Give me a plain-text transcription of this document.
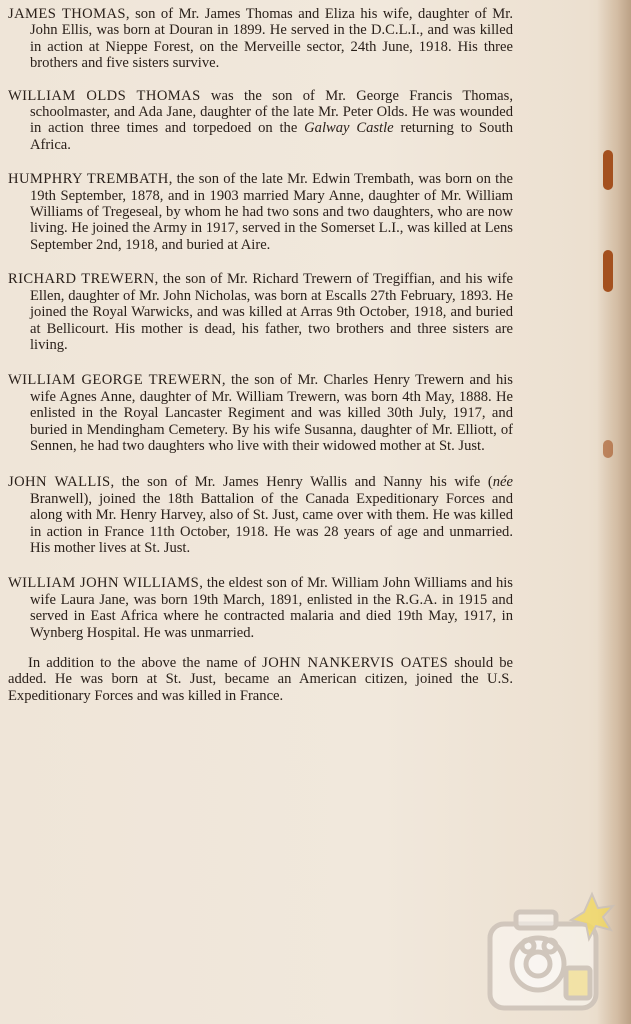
JAMES THOMAS, son of Mr. James Thomas and Eliza his wife, daughter of Mr. John Ellis, was born at Douran in 1899. He served in the D.C.L.I., and was killed in action at Nieppe Forest, on the Merveille sector, 24th June, 1918. His three brothers and five sisters survive.

WILLIAM OLDS THOMAS was the son of Mr. George Francis Thomas, schoolmaster, and Ada Jane, daughter of the late Mr. Peter Olds. He was wounded in action three times and torpedoed on the Galway Castle returning to South Africa.

HUMPHRY TREMBATH, the son of the late Mr. Edwin Trembath, was born on the 19th September, 1878, and in 1903 married Mary Anne, daughter of Mr. William Williams of Tregeseal, by whom he had two sons and two daughters, who are now living. He joined the Army in 1917, served in the Somerset L.I., was killed at Lens September 2nd, 1918, and buried at Aire.

RICHARD TREWERN, the son of Mr. Richard Trewern of Tregiffian, and his wife Ellen, daughter of Mr. John Nicholas, was born at Escalls 27th February, 1893. He joined the Royal Warwicks, and was killed at Arras 9th October, 1918, and buried at Bellicourt. His mother is dead, his father, two brothers and three sisters are living.

WILLIAM GEORGE TREWERN, the son of Mr. Charles Henry Trewern and his wife Agnes Anne, daughter of Mr. William Trewern, was born 4th May, 1888. He enlisted in the Royal Lancaster Regiment and was killed 30th July, 1917, and buried in Mendingham Cemetery. By his wife Susanna, daughter of Mr. Elliott, of Sennen, he had two daughters who live with their widowed mother at St. Just.

JOHN WALLIS, the son of Mr. James Henry Wallis and Nanny his wife (née Branwell), joined the 18th Battalion of the Canada Expeditionary Forces and along with Mr. Henry Harvey, also of St. Just, came over with them. He was killed in action in France 11th October, 1918. He was 28 years of age and unmarried. His mother lives at St. Just.

WILLIAM JOHN WILLIAMS, the eldest son of Mr. William John Williams and his wife Laura Jane, was born 19th March, 1891, enlisted in the R.G.A. in 1915 and served in East Africa where he contracted malaria and died 19th May, 1917, in Wynberg Hospital. He was unmarried.

In addition to the above the name of JOHN NANKERVIS OATES should be added. He was born at St. Just, became an American citizen, joined the U.S. Expeditionary Forces and was killed in France.
